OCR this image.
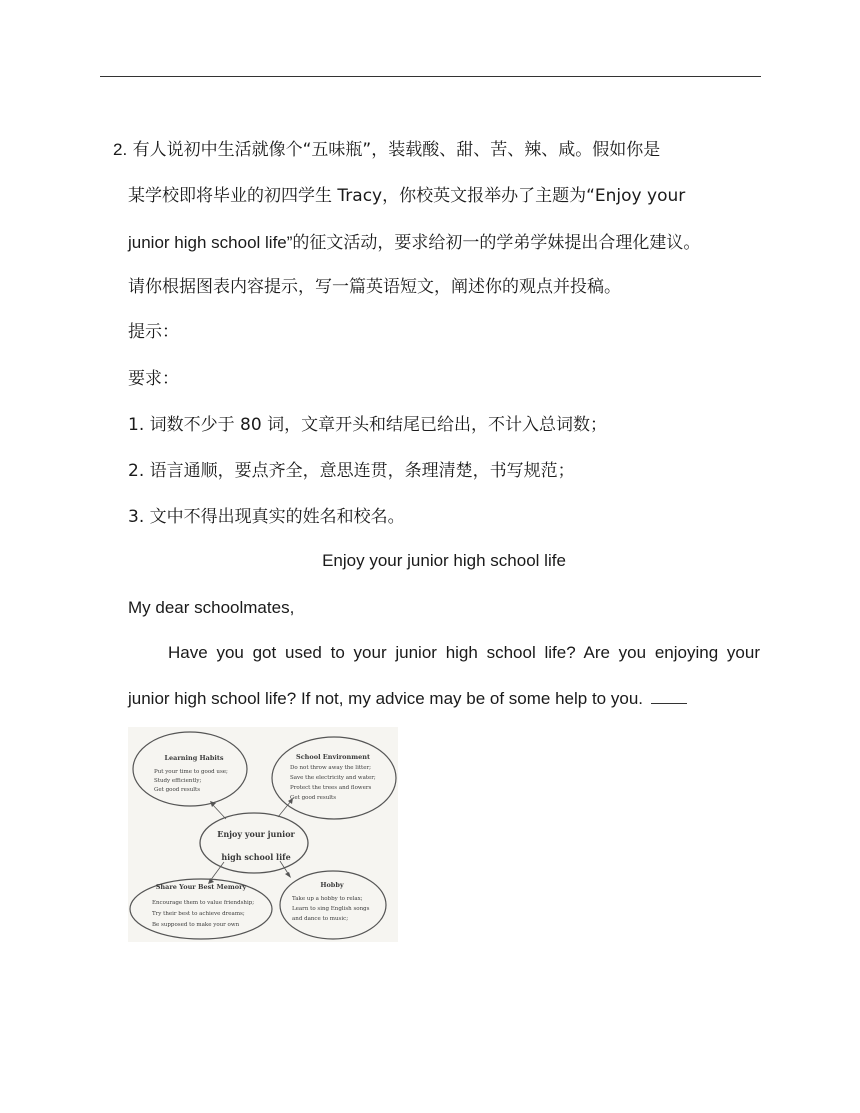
2. 有人说初中生活就像个“五味瓶”，装载酸、甜、苦、辣、咸。假如你是
某学校即将毕业的初四学生 Tracy，你校英文报举办了主题为“Enjoy your
junior high school life”的征文活动，要求给初一的学弟学妹提出合理化建议。
请你根据图表内容提示，写一篇英语短文，阐述你的观点并投稿。
提示：
要求：
1. 词数不少于 80 词，文章开头和结尾已给出，不计入总词数；
2. 语言通顺，要点齐全，意思连贯，条理清楚，书写规范；
3. 文中不得出现真实的姓名和校名。
Enjoy your junior high school life
My dear schoolmates,
Have you got used to your junior high school life? Are you enjoying your
junior high school life? If not, my advice may be of some help to you.
Learning Habits
Put your time to good use;
Study efficiently;
Get good results
School Environment
Do not throw away the litter;
Save the electricity and water;
Protect the trees and flowers
Get good results
Enjoy your junior
high school life
Share Your Best Memory
Encourage them to value friendship;
Try their best to achieve dreams;
Be supposed to make your own
Hobby
Take up a hobby to relax;
Learn to sing English songs
and dance to music;
